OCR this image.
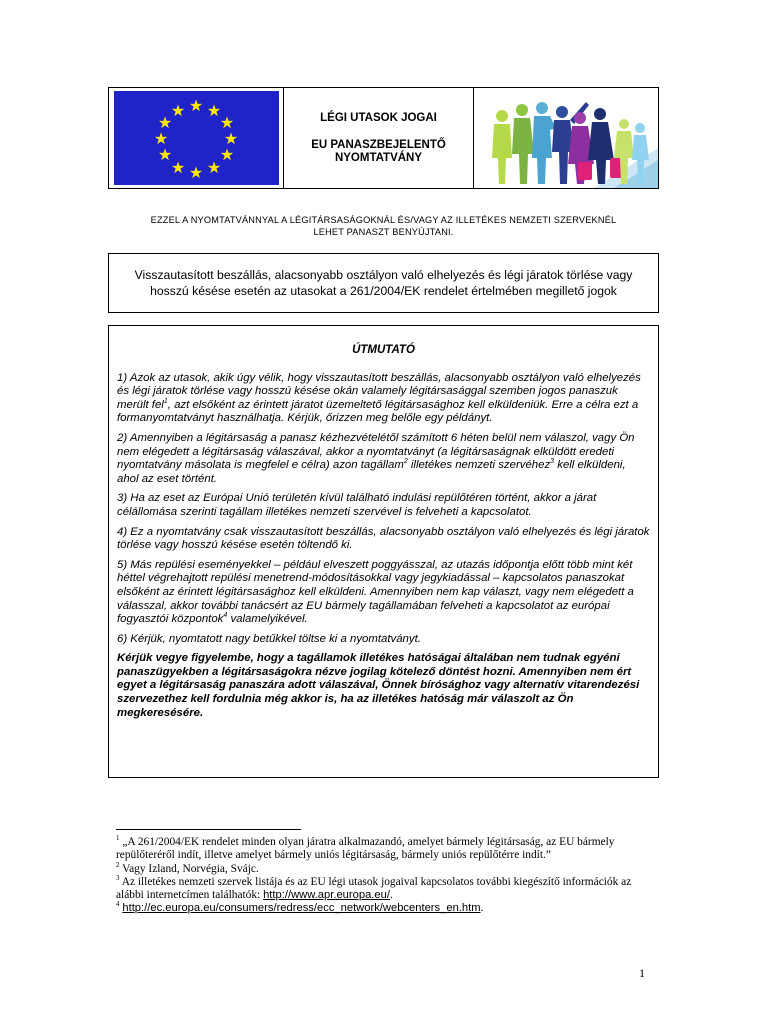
★ ★
★
★
★
★
★
★
★
★
★
★	LÉGI UTASOK JOGAI
EU PANASZBEJELENTŐ
NYOMTATVÁNY
EZZEL A NYOMTATVÁNNYAL A LÉGITÁRSASÁGOKNÁL ÉS/VAGY AZ ILLETÉKES NEMZETI SZERVEKNÉL
LEHET PANASZT BENYÚJTANI.
Visszautasított beszállás, alacsonyabb osztályon való elhelyezés és légi járatok törlése vagy
hosszú késése esetén az utasokat a 261/2004/EK rendelet értelmében megillető jogok
ÚTMUTATÓ

1) Azok az utasok, akik úgy vélik, hogy visszautasított beszállás, alacsonyabb osztályon való elhelyezés és légi járatok törlése vagy hosszú késése okán valamely légitársasággal szemben jogos panaszuk merült fel$^1$, azt elsőként az érintett járatot üzemeltető légitársasághoz kell elküldeniük. Erre a célra ezt a formanyomtatványt használhatja. Kérjük, őrizzen meg belőle egy példányt.

2) Amennyiben a légitársaság a panasz kézhezvételétől számított 6 héten belül nem válaszol, vagy Ön nem elégedett a légitársaság válaszával, akkor a nyomtatványt (a légitársaságnak elküldött eredeti nyomtatvány másolata is megfelel e célra) azon tagállam$^2$ illetékes nemzeti szervéhez$^3$ kell elküldeni, ahol az eset történt.

3) Ha az eset az Európai Unió területén kívül található indulási repülőtéren történt, akkor a járat célállomása szerinti tagállam illetékes nemzeti szervével is felveheti a kapcsolatot.

4) Ez a nyomtatvány csak visszautasított beszállás, alacsonyabb osztályon való elhelyezés és légi járatok törlése vagy hosszú késése esetén töltendő ki.

5) Más repülési eseményekkel – például elveszett poggyásszal, az utazás időpontja előtt több mint két héttel végrehajtott repülési menetrend-módosításokkal vagy jegykiadással – kapcsolatos panaszokat elsőként az érintett légitársasághoz kell elküldeni. Amennyiben nem kap választ, vagy nem elégedett a válasszal, akkor további tanácsért az EU bármely tagállamában felveheti a kapcsolatot az európai fogyasztói központok$^4$ valamelyikével.

6) Kérjük, nyomtatott nagy betűkkel töltse ki a nyomtatványt.

Kérjük vegye figyelembe, hogy a tagállamok illetékes hatóságai általában nem tudnak egyéni panaszügyekben a légitársaságokra nézve jogilag kötelező döntést hozni. Amennyiben nem ért egyet a légitársaság panaszára adott válaszával, Önnek bírósághoz vagy alternatív vitarendezési szervezethez kell fordulnia még akkor is, ha az illetékes hatóság már válaszolt az Ön megkeresésére.

$^1$ „A 261/2004/EK rendelet minden olyan járatra alkalmazandó, amelyet bármely légitársaság, az EU bármely repülőteréről indít, illetve amelyet bármely uniós légitársaság, bármely uniós repülőtérre indít.”

$^2$ Vagy Izland, Norvégia, Svájc.

$^3$ Az illetékes nemzeti szervek listája és az EU légi utasok jogaival kapcsolatos további kiegészítő információk az alábbi internetcímen találhatók: http://www.apr.europa.eu/.

$^4$ http://ec.europa.eu/consumers/redress/ecc_network/webcenters_en.htm.

1
